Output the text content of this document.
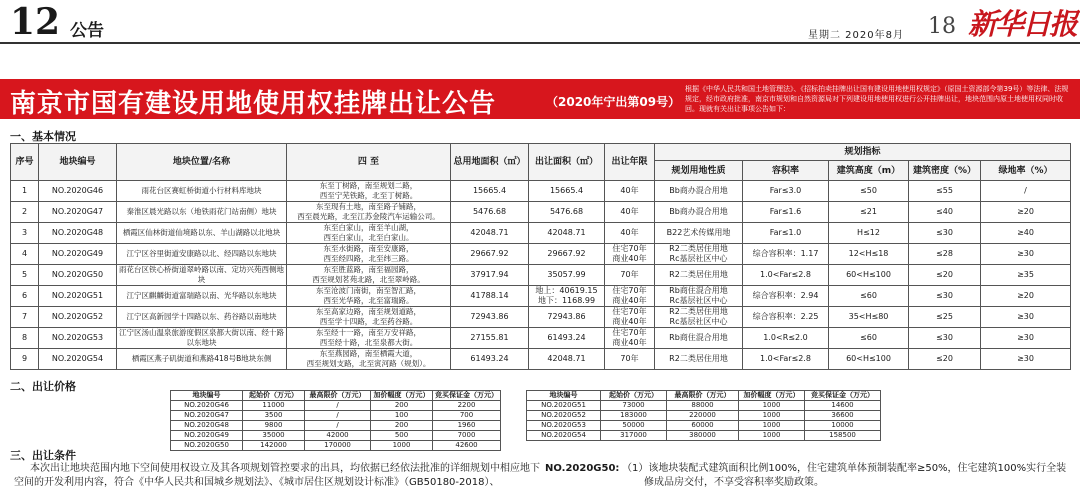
12 公告	星期二 2020年8月 18 新华日报
南京市国有建设用地使用权挂牌出让公告	（2020年宁出第09号）
根据《中华人民共和国土地管理法》、《招标拍卖挂牌出让国有建设用地使用权规定》（原国土资源部令第39号）等法律、法规规定，经市政府批准，南京市规划和自然资源局对下列建设用地使用权进行公开挂牌出让，地块范围内原土地使用权同时收回。现就有关出让事项公告如下：
一、基本情况
序号	地块编号	地块位置/名称	四 至	总用地面积（㎡）	出让面积（㎡）	出让年限	规划指标				
							规划用地性质	容积率	建筑高度（m）	建筑密度（%）	绿地率（%）
1	NO.2020G46	雨花台区赛虹桥街道小行材料库地块	东至丁树路，南至规划二路，
西至宁芜铁路，北至丁树路。	15665.4	15665.4	40年	Bb商办混合用地	Far≤3.0	≤50	≤55	/
2	NO.2020G47	秦淮区晨光路以东（地铁雨花门站南侧）地块	东至现有土地，南至路子铺路，
西至晨光路，北至江苏金陵汽车运输公司。	5476.68	5476.68	40年	Bb商办混合用地	Far≤1.6	≤21	≤40	≥20
3	NO.2020G48	栖霞区仙林街道仙境路以东、羊山湖路以北地块	东至白家山，南至羊山湖，
西至白家山，北至白家山。	42048.71	42048.71	40年	B22艺术传媒用地	Far≤1.0	H≤12	≤30	≥40
4	NO.2020G49	江宁区谷里街道安康路以北、经四路以东地块	东至水街路，南至安康路，
西至经四路，北至纬三路。	29667.92	29667.92	住宅70年
商业40年	R2二类居住用地
Rc基层社区中心	综合容积率：1.17	12<H≤18	≤28	≥30
5	NO.2020G50	雨花台区铁心桥街道翠岭路以南、定坊兴苑西侧地块	东至胜蓝路，南至福园路，
西至规划茗苑北路，北至翠岭路。	37917.94	35057.99	70年	R2二类居住用地	1.0<Far≤2.8	60<H≤100	≤20	≥35
6	NO.2020G51	江宁区麒麟街道富瑞路以南、光华路以东地块	东至沧波门南街，南至智汇路，
西至光华路，北至富瑞路。	41788.14	地上：40619.15
地下：1168.99	住宅70年
商业40年	Rb商住混合用地
Rc基层社区中心	综合容积率：2.94	≤60	≤30	≥20
7	NO.2020G52	江宁区高新园学十四路以东、药谷路以南地块	东至高家边路，南至规划道路，
西至学十四路，北至药谷路。	72943.86	72943.86	住宅70年
商业40年	R2二类居住用地
Rc基层社区中心	综合容积率：2.25	35<H≤80	≤25	≥30
8	NO.2020G53	江宁区汤山温泉旅游度假区泉都大街以南、经十路以东地块	东至经十一路，南至万安祥路，
西至经十路，北至泉都大街。	27155.81	61493.24	住宅70年
商业40年	Rb商住混合用地	1.0<R≤2.0	≤60	≤30	≥30
9	NO.2020G54	栖霞区燕子矶街道和燕路418号B地块东侧	东至燕园路，南至栖霞大道，
西至规划支路，北至寅河路（规划）。	61493.24	42048.71	70年	R2二类居住用地	1.0<Far≤2.8	60<H≤100	≤20	≥30
二、出让价格
地块编号	起始价（万元）	最高限价（万元）	加价幅度（万元）	竞买保证金（万元）
NO.2020G46	11000	/	200	2200
NO.2020G47	3500	/	100	700
NO.2020G48	9800	/	200	1960
NO.2020G49	35000	42000	500	7000
NO.2020G50	142000	170000	1000	42600
地块编号	起始价（万元）	最高限价（万元）	加价幅度（万元）	竞买保证金（万元）
NO.2020G51	73000	88000	1000	14600
NO.2020G52	183000	220000	1000	36600
NO.2020G53	50000	60000	1000	10000
NO.2020G54	317000	380000	1000	158500
三、出让条件
本次出让地块范围内地下空间使用权设立及其各项规划管控要求的出具，均依据已经依法批准的详细规划中相应地下
空间的开发利用内容，符合《中华人民共和国城乡规划法》、《城市居住区规划设计标准》（GB50180-2018）、
NO.2020G50: （1）该地块装配式建筑面积比例100%，住宅建筑单体预制装配率≥50%，住宅建筑100%实行全装
修成品房交付，不享受容积率奖励政策。
